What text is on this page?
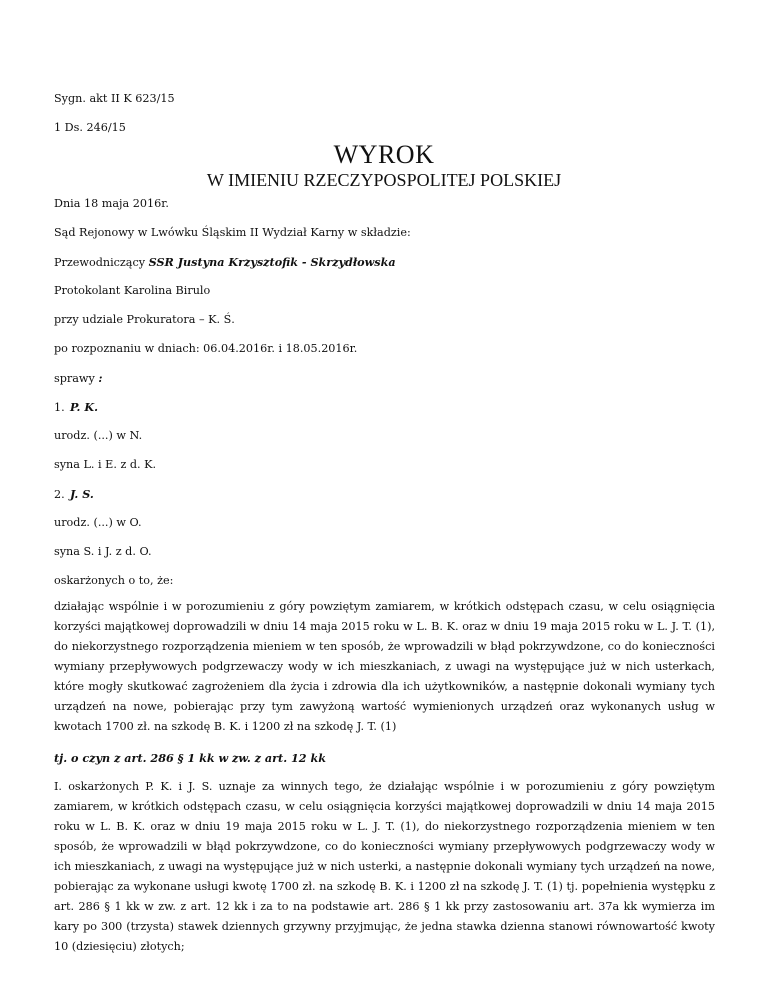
Sygn. akt II K 623/15
1 Ds. 246/15
WYROK
W IMIENIU RZECZYPOSPOLITEJ POLSKIEJ
Dnia 18 maja 2016r.
Sąd Rejonowy w Lwówku Śląskim II Wydział Karny w składzie:
Przewodniczący SSR Justyna Krzysztofik - Skrzydłowska
Protokolant Karolina Birulo
przy udziale Prokuratora – K. Ś.
po rozpoznaniu w dniach: 06.04.2016r. i 18.05.2016r.
sprawy :
1. P. K.
urodz. (...) w N.
syna L. i E. z d. K.
2. J. S.
urodz. (...) w O.
syna S. i J. z d. O.
oskarżonych o to, że:
działając wspólnie i w porozumieniu z góry powziętym zamiarem, w krótkich odstępach czasu, w celu osiągnięcia korzyści majątkowej doprowadzili w dniu 14 maja 2015 roku w L. B. K. oraz w dniu 19 maja 2015 roku w L. J. T. (1), do niekorzystnego rozporządzenia mieniem w ten sposób, że wprowadzili w błąd pokrzywdzone, co do konieczności wymiany przepływowych podgrzewaczy wody w ich mieszkaniach, z uwagi na występujące już w nich usterkach, które mogły skutkować zagrożeniem dla życia i zdrowia dla ich użytkowników, a następnie dokonali wymiany tych urządzeń na nowe, pobierając przy tym zawyżoną wartość wymienionych urządzeń oraz wykonanych usług w kwotach 1700 zł. na szkodę B. K. i 1200 zł na szkodę J. T. (1)
tj. o czyn z art. 286 § 1 kk w zw. z art. 12 kk
I. oskarżonych P. K. i J. S. uznaje za winnych tego, że działając wspólnie i w porozumieniu z góry powziętym zamiarem, w krótkich odstępach czasu, w celu osiągnięcia korzyści majątkowej doprowadzili w dniu 14 maja 2015 roku w L. B. K. oraz w dniu 19 maja 2015 roku w L. J. T. (1), do niekorzystnego rozporządzenia mieniem w ten sposób, że wprowadzili w błąd pokrzywdzone, co do konieczności wymiany przepływowych podgrzewaczy wody w ich mieszkaniach, z uwagi na występujące już w nich usterki, a następnie dokonali wymiany tych urządzeń na nowe, pobierając za wykonane usługi kwotę 1700 zł. na szkodę B. K. i 1200 zł na szkodę J. T. (1) tj. popełnienia występku z art. 286 § 1 kk w zw. z art. 12 kk i za to na podstawie art. 286 § 1 kk przy zastosowaniu art. 37a kk wymierza im kary po 300 (trzysta) stawek dziennych grzywny przyjmując, że jedna stawka dzienna stanowi równowartość kwoty 10 (dziesięciu) złotych;
